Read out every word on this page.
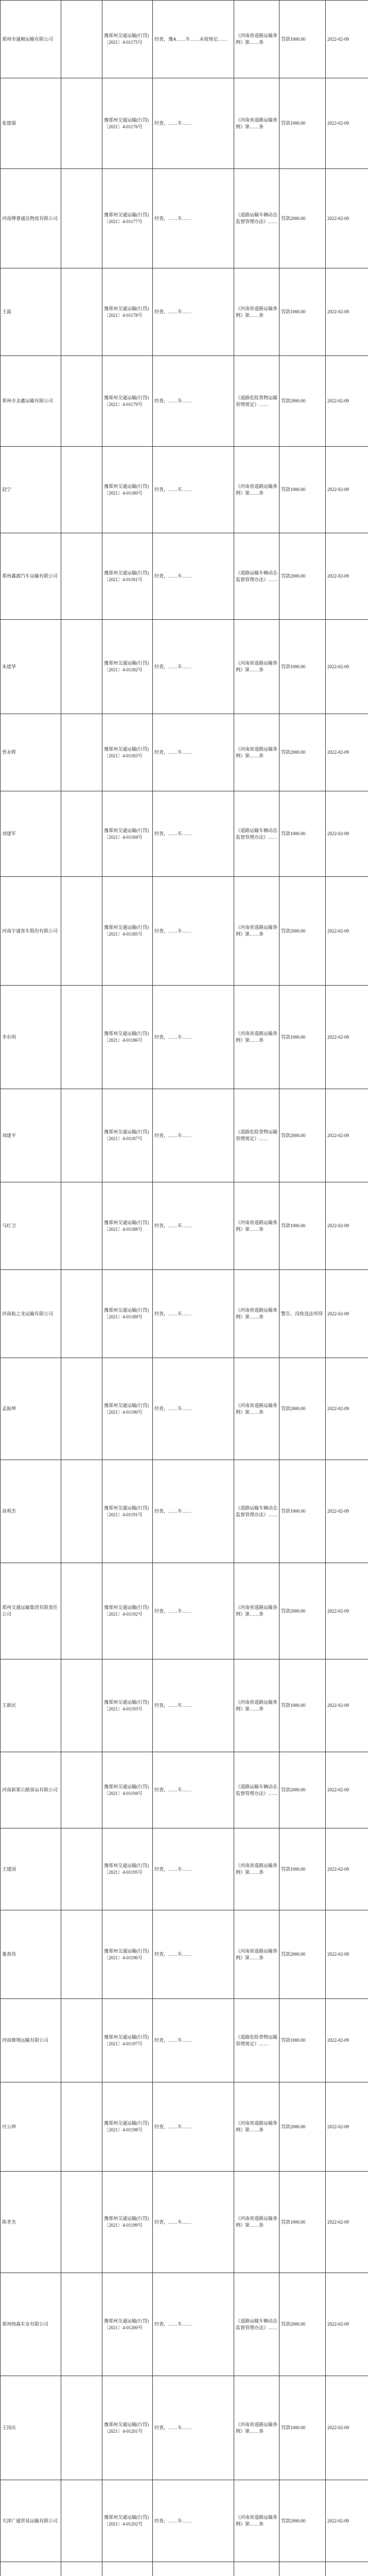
郑州市通顺运输有限公司		豫郑州交通运输(行罚)〔2021〕4-01175号	经查，豫A……车……未按规定……	《河南省道路运输条例》第……条	罚款1000.00	2022-02-09
张建强		豫郑州交通运输(行罚)〔2021〕4-01176号	经查，……车……	《河南省道路运输条例》第……条	罚款1000.00	2022-02-09
河南博睿通达物流有限公司		豫郑州交通运输(行罚)〔2021〕4-01177号	经查，……车……	《道路运输车辆动态监督管理办法》……	罚款2000.00	2022-02-09
王磊		豫郑州交通运输(行罚)〔2021〕4-01178号	经查，……车……	《河南省道路运输条例》第……条	罚款1000.00	2022-02-09
郑州市金鑫运输有限公司		豫郑州交通运输(行罚)〔2021〕4-01179号	经查，……车……	《道路危险货物运输管理规定》……	罚款2000.00	2022-02-09
赵宁		豫郑州交通运输(行罚)〔2021〕4-01180号	经查，……车……	《河南省道路运输条例》第……条	罚款1000.00	2022-02-09
郑州鑫源汽车运输有限公司		豫郑州交通运输(行罚)〔2021〕4-01181号	经查，……车……	《道路运输车辆动态监督管理办法》……	罚款2000.00	2022-02-09
朱建华		豫郑州交通运输(行罚)〔2021〕4-01182号	经查，……车……	《河南省道路运输条例》第……条	罚款1000.00	2022-02-09
贾永辉		豫郑州交通运输(行罚)〔2021〕4-01183号	经查，……车……	《河南省道路运输条例》第……条	罚款2000.00	2022-02-09
刘建军		豫郑州交通运输(行罚)〔2021〕4-01184号	经查，……车……	《道路运输车辆动态监督管理办法》……	罚款1000.00	2022-02-09
河南宇通客车股份有限公司		豫郑州交通运输(行罚)〔2021〕4-01185号	经查，……车……	《河南省道路运输条例》第……条	罚款2000.00	2022-02-09
李东明		豫郑州交通运输(行罚)〔2021〕4-01186号	经查，……车……	《河南省道路运输条例》第……条	罚款1000.00	2022-02-09
刘建平		豫郑州交通运输(行罚)〔2021〕4-01187号	经查，……车……	《道路危险货物运输管理规定》……	罚款2000.00	2022-02-09
马红卫		豫郑州交通运输(行罚)〔2021〕4-01188号	经查，……车……	《河南省道路运输条例》第……条	罚款1000.00	2022-02-09
河南航之龙运输有限公司		豫郑州交通运输(行罚)〔2021〕4-01189号	经查，……车……	《河南省道路运输条例》第……条	警告、没收违法所得	2022-02-09
孟振坤		豫郑州交通运输(行罚)〔2021〕4-01190号	经查，……车……	《河南省道路运输条例》第……条	罚款2000.00	2022-02-09
高利杰		豫郑州交通运输(行罚)〔2021〕4-01191号	经查，……车……	《道路运输车辆动态监督管理办法》……	罚款1000.00	2022-02-09
郑州交通运输集团有限责任公司		豫郑州交通运输(行罚)〔2021〕4-01192号	经查，……车……	《河南省道路运输条例》第……条	罚款2000.00	2022-02-09
王新民		豫郑州交通运输(行罚)〔2021〕4-01193号	经查，……车……	《河南省道路运输条例》第……条	罚款1000.00	2022-02-09
河南新郑公路客运有限公司		豫郑州交通运输(行罚)〔2021〕4-01194号	经查，……车……	《道路运输车辆动态监督管理办法》……	罚款2000.00	2022-02-09
王建国		豫郑州交通运输(行罚)〔2021〕4-01195号	经查，……车……	《河南省道路运输条例》第……条	罚款1000.00	2022-02-09
董春伟		豫郑州交通运输(行罚)〔2021〕4-01196号	经查，……车……	《河南省道路运输条例》第……条	罚款2000.00	2022-02-09
河南鼎翔运输有限公司		豫郑州交通运输(行罚)〔2021〕4-01197号	经查，……车……	《道路危险货物运输管理规定》……	罚款1000.00	2022-02-09
付云坤		豫郑州交通运输(行罚)〔2021〕4-01198号	经查，……车……	《河南省道路运输条例》第……条	罚款2000.00	2022-02-09
陈孝杰		豫郑州交通运输(行罚)〔2021〕4-01199号	经查，……车……	《河南省道路运输条例》第……条	罚款1000.00	2022-02-09
郑州纳森实业有限公司		豫郑州交通运输(行罚)〔2021〕4-01200号	经查，……车……	《道路运输车辆动态监督管理办法》……	罚款2000.00	2022-02-09
王国庆		豫郑州交通运输(行罚)〔2021〕4-01201号	经查，……车……	《河南省道路运输条例》第……条	罚款1000.00	2022-02-09
天津广通贸易运输有限公司		豫郑州交通运输(行罚)〔2021〕4-01202号	经查，……车……	《河南省道路运输条例》第……条	罚款2000.00	2022-02-09
